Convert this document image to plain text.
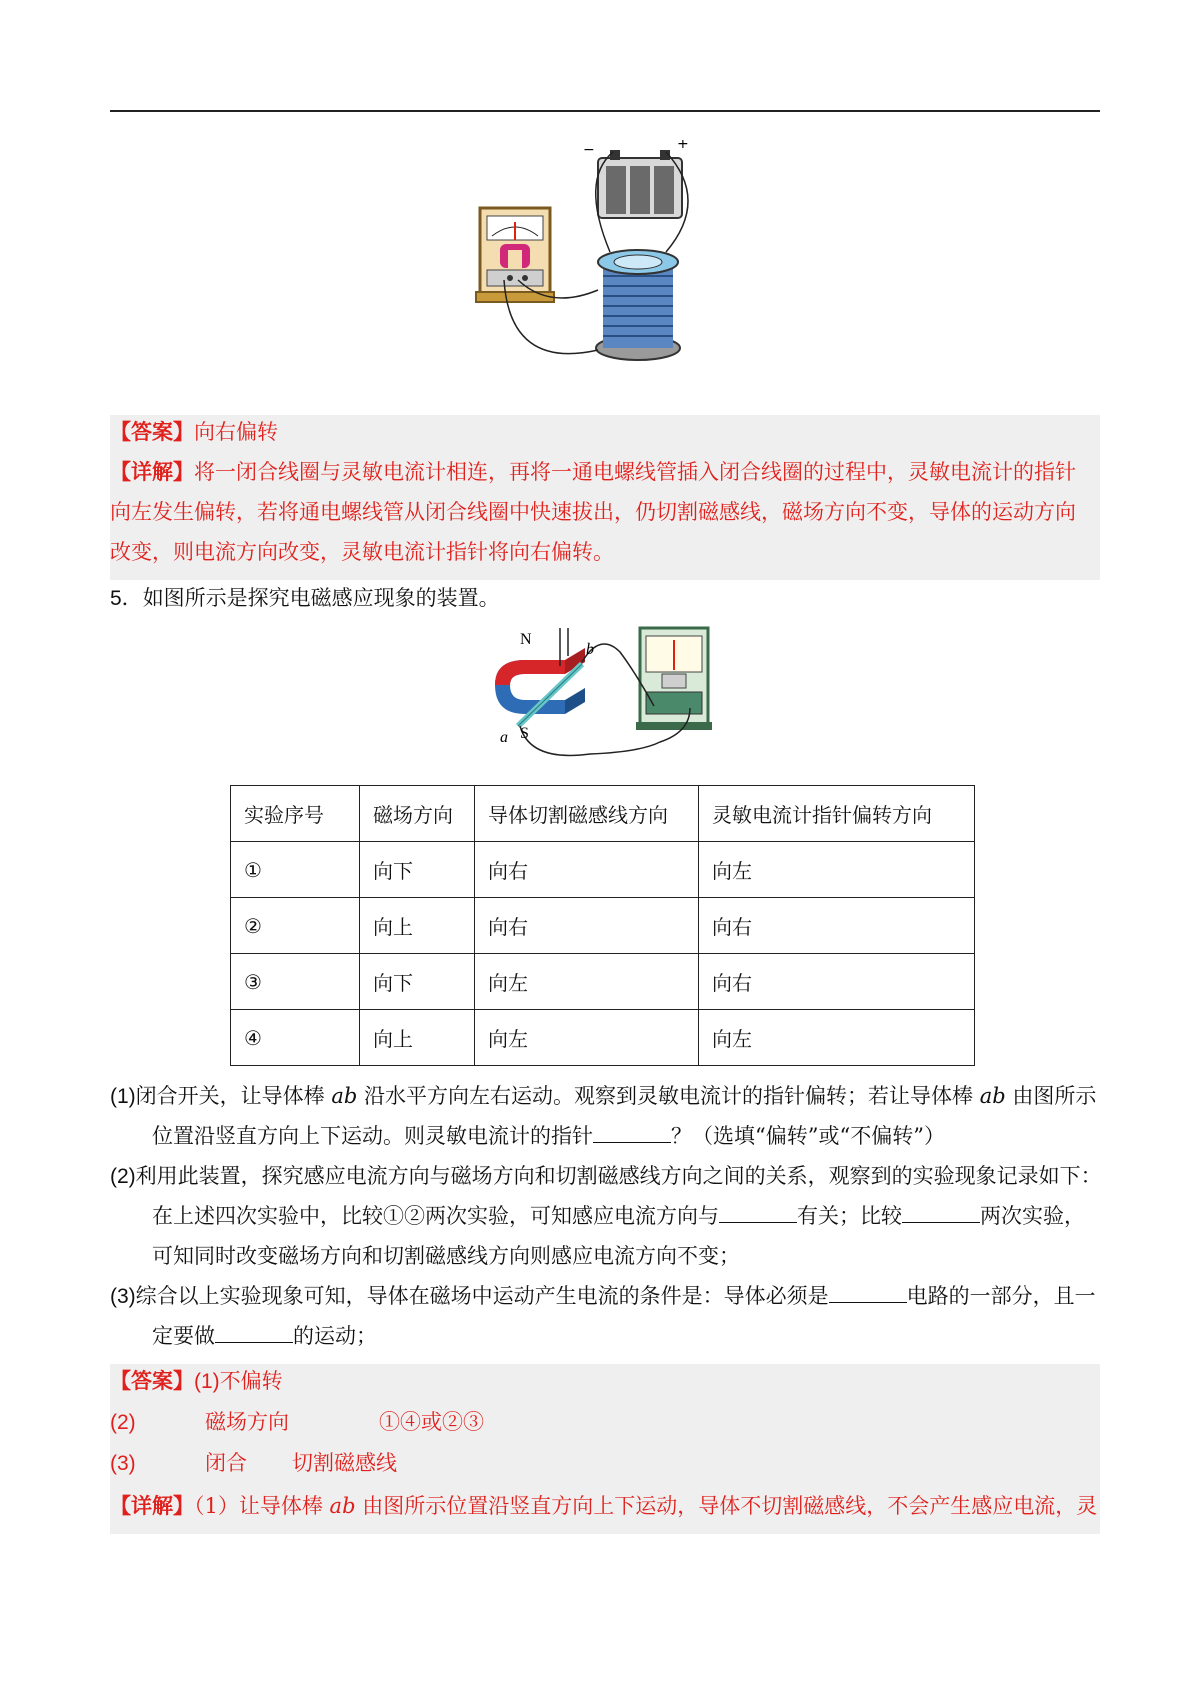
−	+
【答案】向右偏转
【详解】将一闭合线圈与灵敏电流计相连，再将一通电螺线管插入闭合线圈的过程中，灵敏电流计的指针
向左发生偏转，若将通电螺线管从闭合线圈中快速拔出，仍切割磁感线，磁场方向不变，导体的运动方向
改变，则电流方向改变，灵敏电流计指针将向右偏转。
5．如图所示是探究电磁感应现象的装置。
N
S
a
b
实验序号	磁场方向	导体切割磁感线方向	灵敏电流计指针偏转方向
①	向下	向右	向左
②	向上	向右	向右
③	向下	向左	向右
④	向上	向左	向左
(1)闭合开关，让导体棒 ab 沿水平方向左右运动。观察到灵敏电流计的指针偏转；若让导体棒 ab 由图所示
位置沿竖直方向上下运动。则灵敏电流计的指针	？（选填“偏转”或“不偏转”）
(2)利用此装置，探究感应电流方向与磁场方向和切割磁感线方向之间的关系，观察到的实验现象记录如下：
在上述四次实验中，比较①②两次实验，可知感应电流方向与	有关；比较	两次实验，
可知同时改变磁场方向和切割磁感线方向则感应电流方向不变；
(3)综合以上实验现象可知，导体在磁场中运动产生电流的条件是：导体必须是	电路的一部分，且一
定要做	的运动；
【答案】(1)不偏转
(2)	磁场方向	①④或②③
(3)	闭合 切割磁感线
【详解】（1）让导体棒 ab 由图所示位置沿竖直方向上下运动，导体不切割磁感线，不会产生感应电流，灵
